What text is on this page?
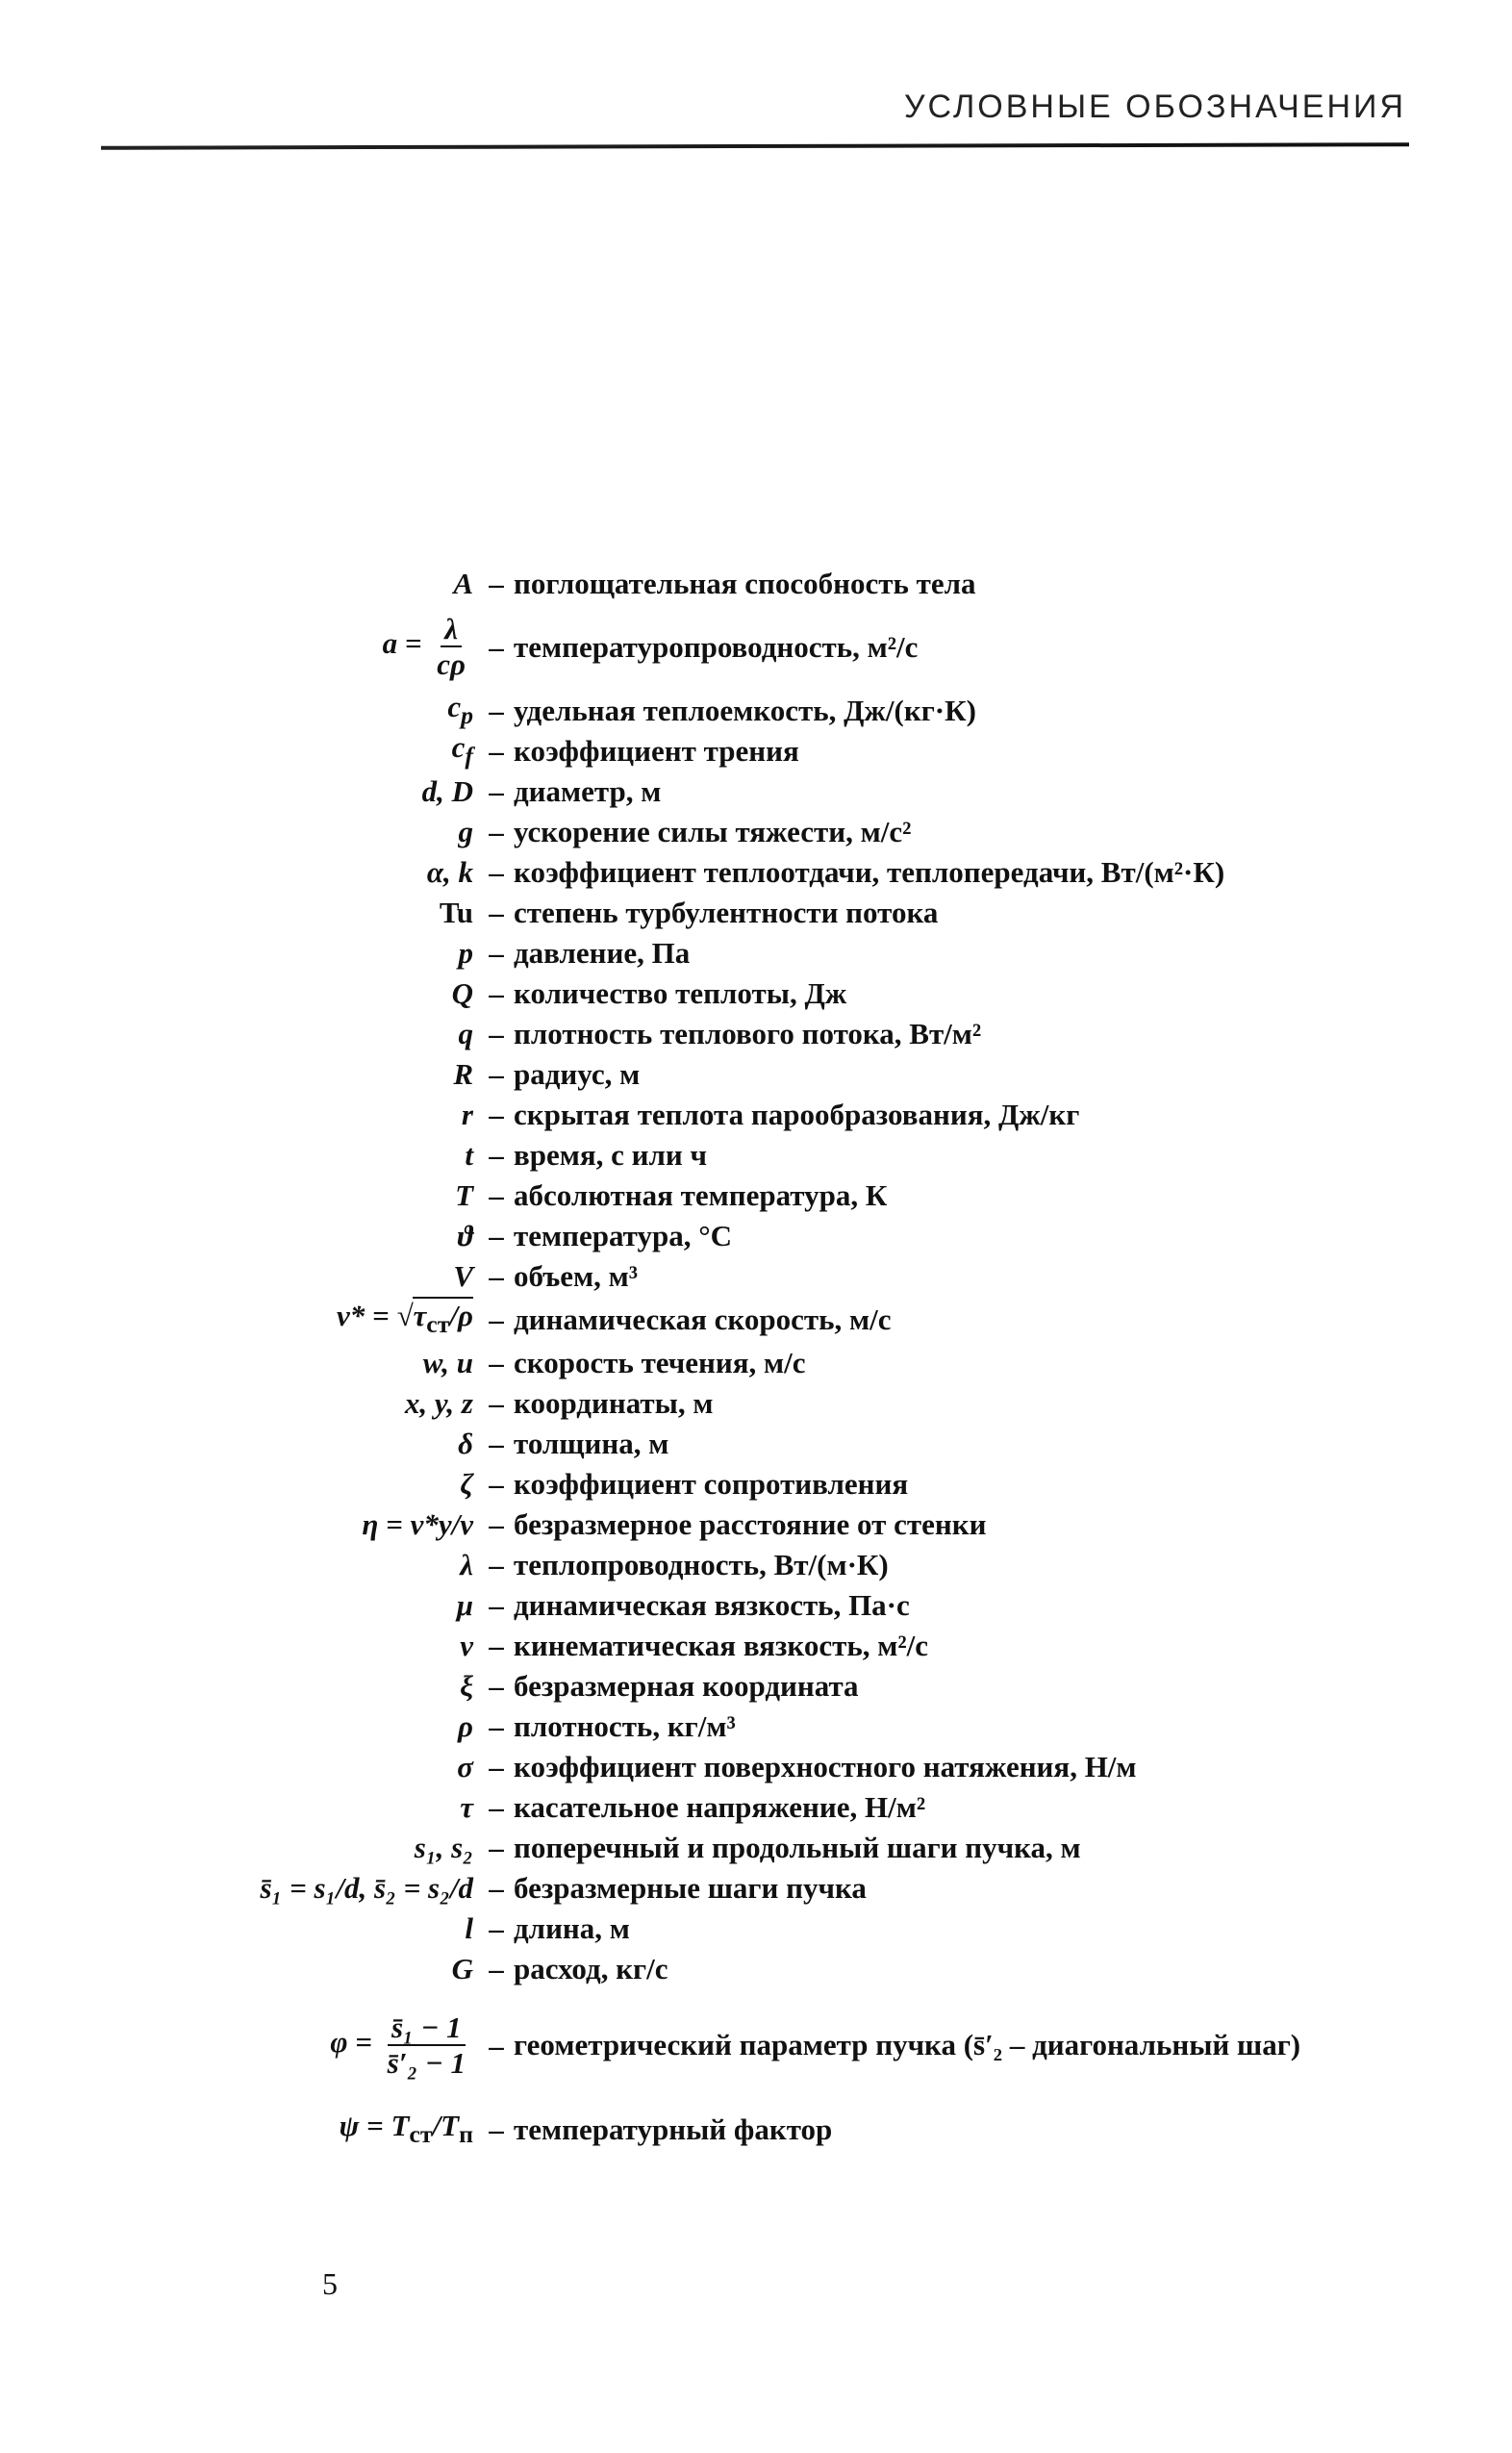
УСЛОВНЫЕ ОБОЗНАЧЕНИЯ
A – поглощательная способность тела
$a = \frac{\lambda}{c\rho}$ – температуропроводность, м²/с
$c_p$ – удельная теплоемкость, Дж/(кг·К)
$c_f$ – коэффициент трения
d, D – диаметр, м
g – ускорение силы тяжести, м/с²
α, k – коэффициент теплоотдачи, теплопередачи, Вт/(м²·К)
Tu – степень турбулентности потока
p – давление, Па
Q – количество теплоты, Дж
q – плотность теплового потока, Вт/м²
R – радиус, м
r – скрытая теплота парообразования, Дж/кг
t – время, с или ч
T – абсолютная температура, К
ϑ – температура, °С
V – объем, м³
$v* = √\tau_{ст}/\rho$ – динамическая скорость, м/с
w, u – скорость течения, м/с
x, y, z – координаты, м
δ – толщина, м
ζ – коэффициент сопротивления
η = v*y/ν – безразмерное расстояние от стенки
λ – теплопроводность, Вт/(м·К)
μ – динамическая вязкость, Па·с
ν – кинематическая вязкость, м²/с
ξ – безразмерная координата
ρ – плотность, кг/м³
σ – коэффициент поверхностного натяжения, Н/м
τ – касательное напряжение, Н/м²
s₁, s₂ – поперечный и продольный шаги пучка, м
s̄₁ = s₁/d, s̄₂ = s₂/d – безразмерные шаги пучка
l – длина, м
G – расход, кг/с
$\varphi = \frac{\text{s̄₁ − 1}}{\text{s̄′₂ − 1}}$ – геометрический параметр пучка (s̄′₂ – диагональный шаг)
$\psi = T_{ст}/T_п$ – температурный фактор
5
